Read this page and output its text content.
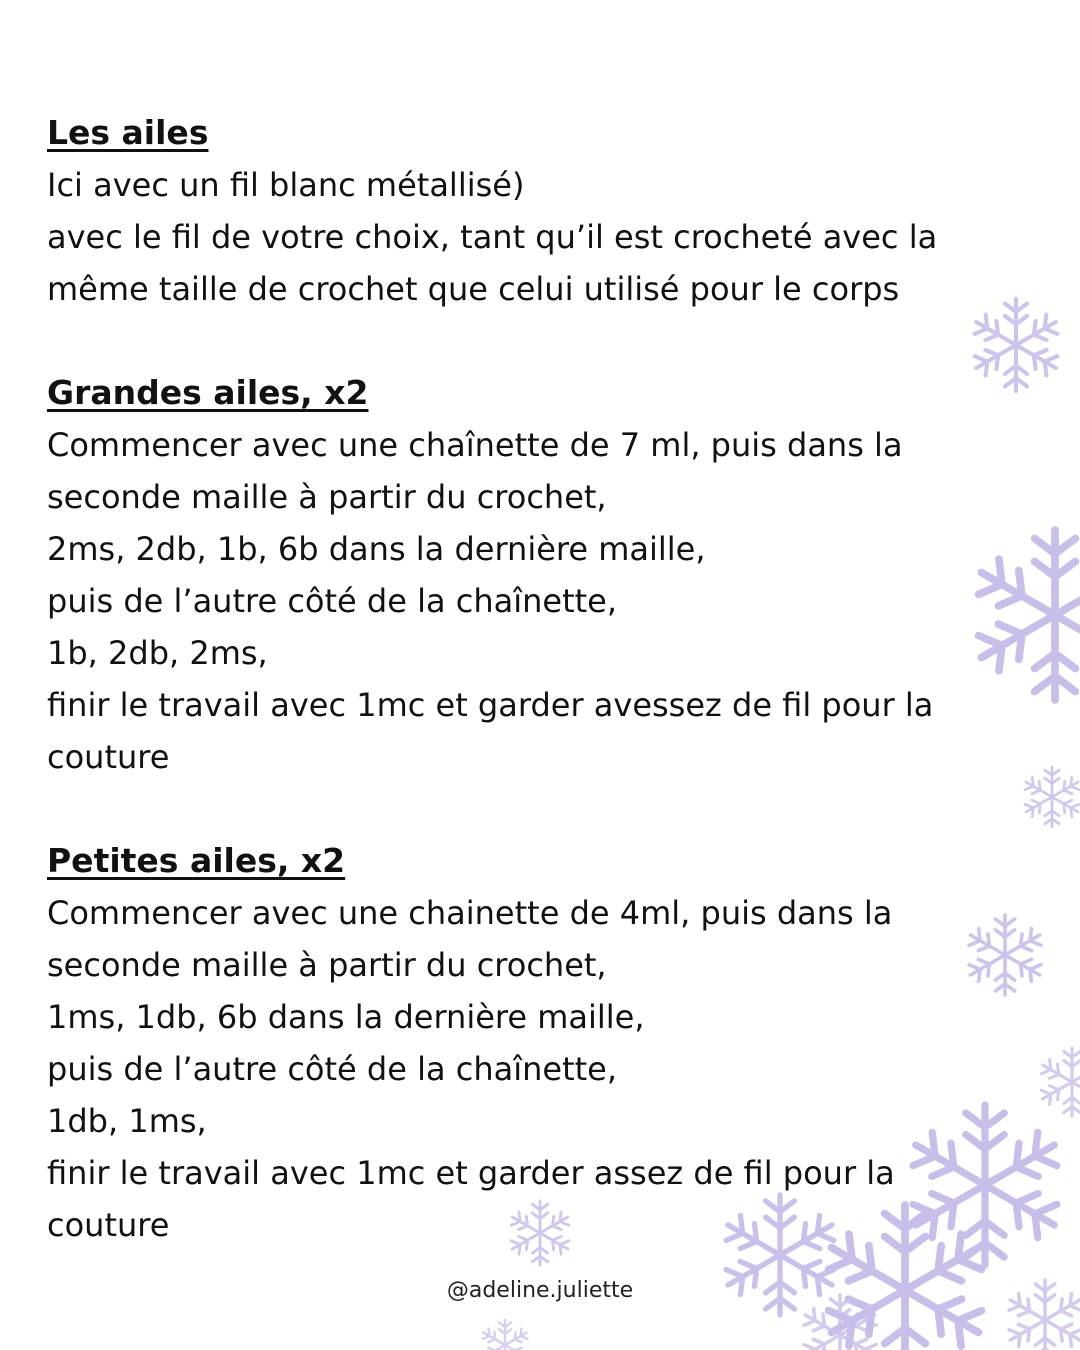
Les ailes

Ici avec un fil blanc métallisé)

avec le fil de votre choix, tant qu’il est crocheté avec la même taille de crochet que celui utilisé pour le corps

Grandes ailes, x2

Commencer avec une chaînette de 7 ml, puis dans la seconde maille à partir du crochet,

2ms, 2db, 1b, 6b dans la dernière maille,

puis de l’autre côté de la chaînette,

1b, 2db, 2ms,

finir le travail avec 1mc et garder avessez de fil pour la couture

Petites ailes, x2

Commencer avec une chainette de 4ml, puis dans la seconde maille à partir du crochet,

1ms, 1db, 6b dans la dernière maille,

puis de l’autre côté de la chaînette,

1db, 1ms,

finir le travail avec 1mc et garder assez de fil pour la couture

@adeline.juliette
